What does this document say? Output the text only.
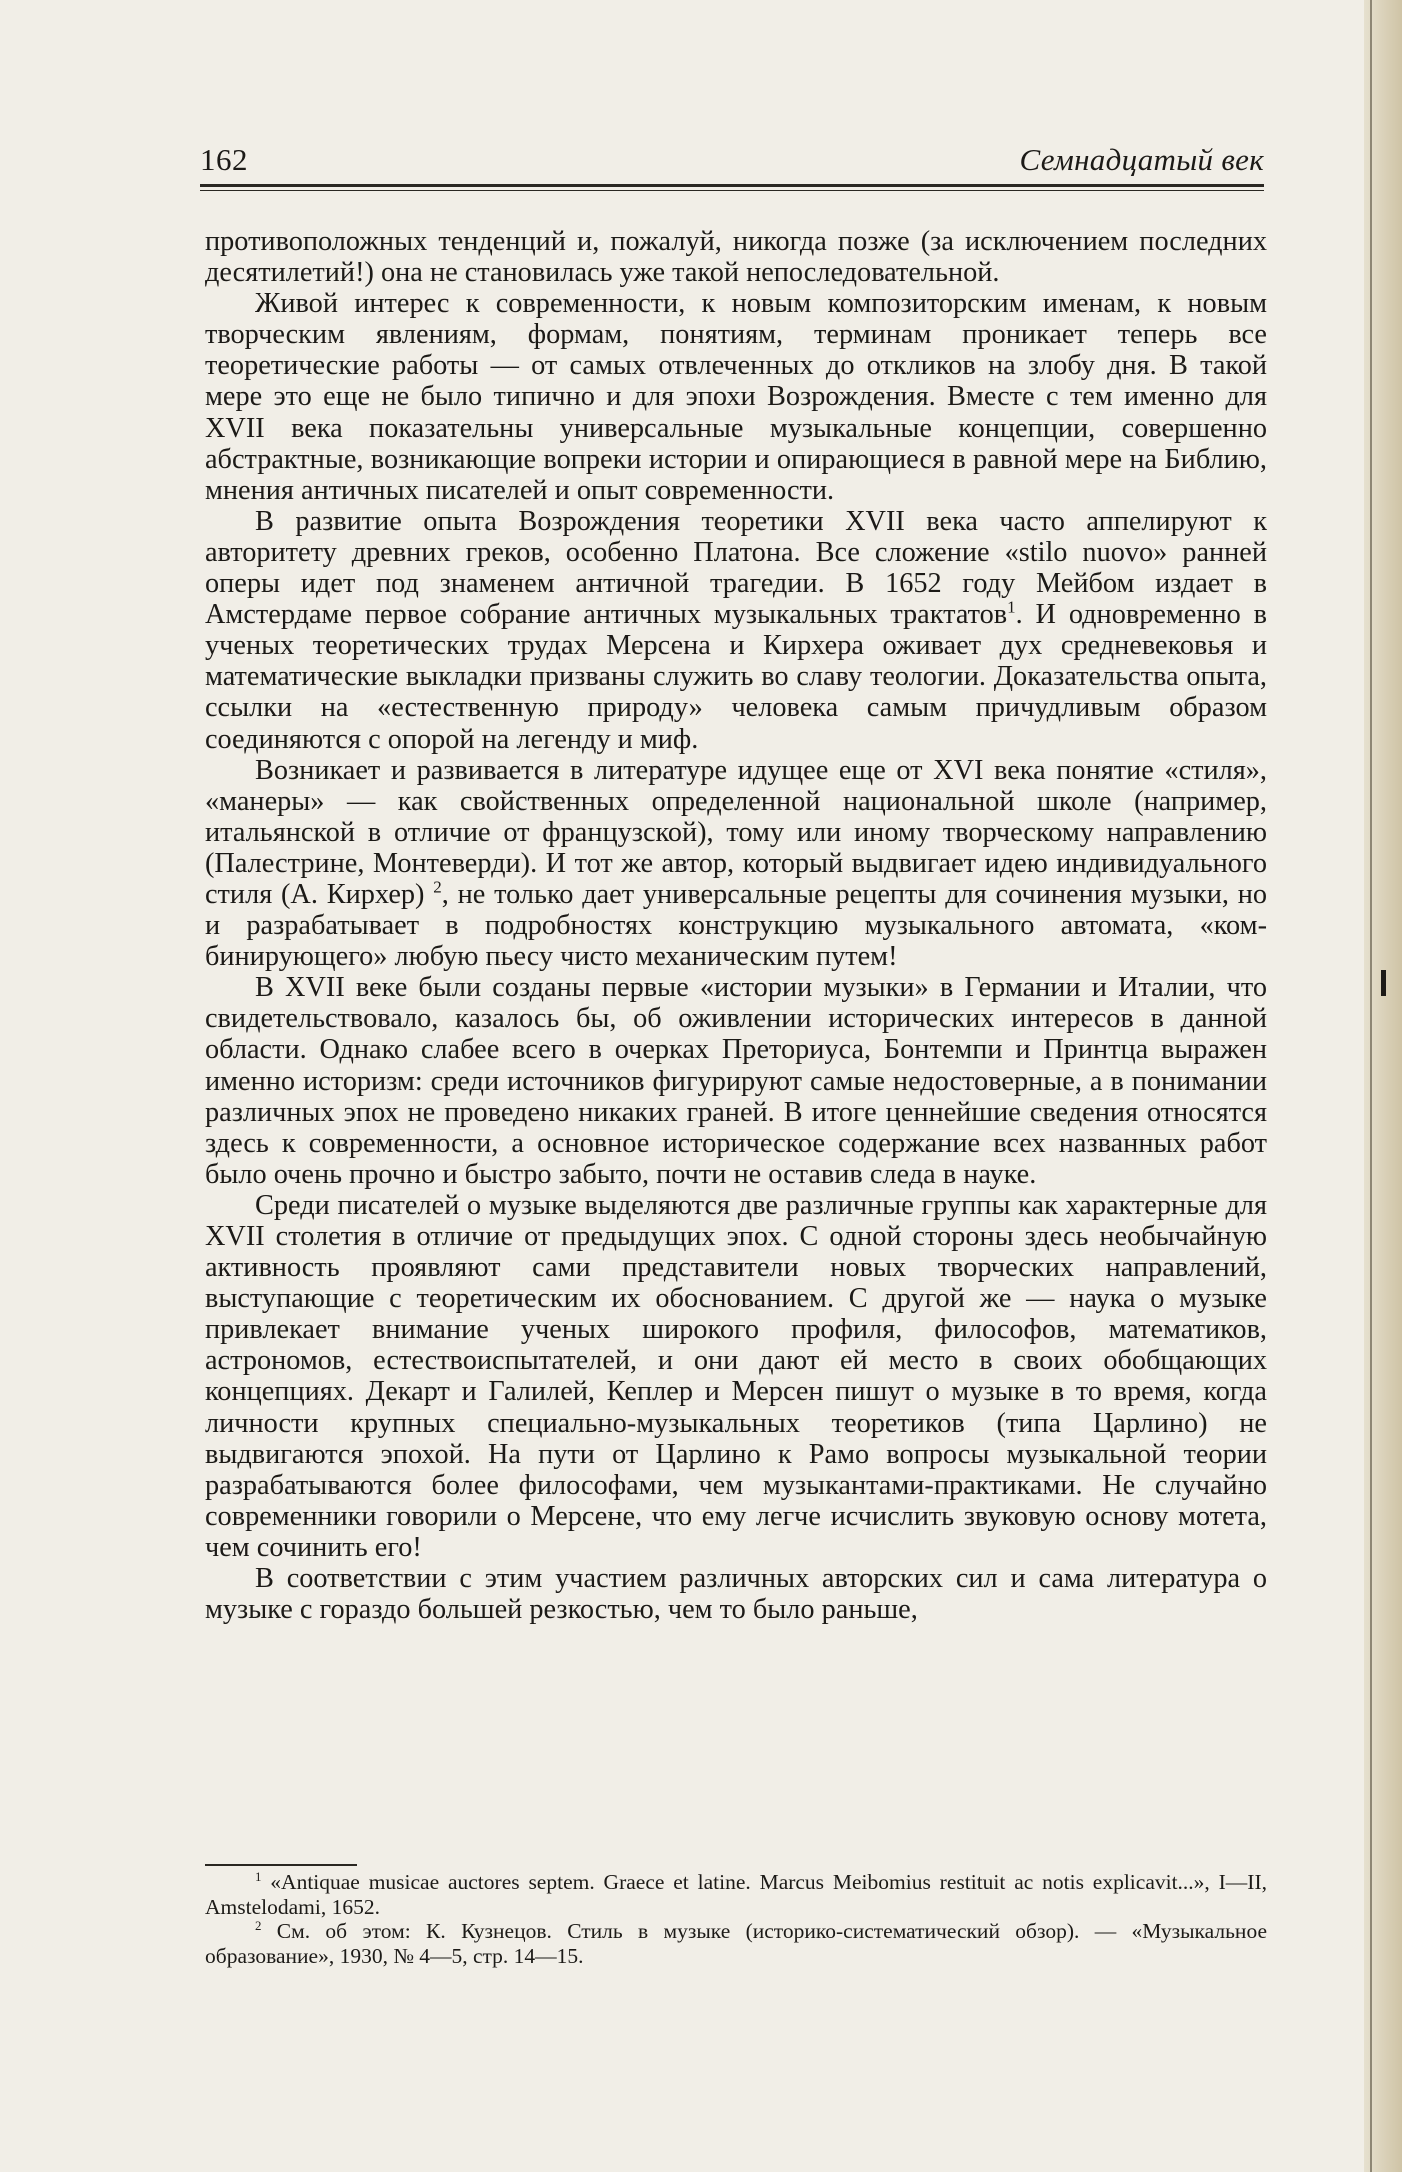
162	Семнадцатый век

противоположных тенденций и, пожалуй, никогда позже (за исключением последних десятилетий!) она не становилась уже такой непоследовательной.

Живой интерес к современности, к новым композиторским именам, к новым творческим явлениям, формам, понятиям, терминам проникает теперь все теоретические работы — от самых отвлеченных до откликов на злобу дня. В такой мере это еще не было типично и для эпохи Возрождения. Вместе с тем именно для XVII века показательны универсальные музыкальные концепции, совершенно абстрактные, возникающие вопреки истории и опирающиеся в равной мере на Библию, мнения античных писателей и опыт современности.

В развитие опыта Возрождения теоретики XVII века часто аппелируют к авторитету древних греков, особенно Платона. Все сложение «stilo nuovo» ранней оперы идет под знаменем античной трагедии. В 1652 году Мейбом издает в Амстердаме первое собрание античных музыкальных трактатов$^1$. И одновременно в ученых теоретических трудах Мерсена и Кирхера оживает дух средневековья и математические выкладки призваны служить во славу теологии. Доказательства опыта, ссылки на «естественную природу» человека самым причудливым образом соединяются с опорой на легенду и миф.

Возникает и развивается в литературе идущее еще от XVI века понятие «стиля», «манеры» — как свойственных определенной национальной школе (например, итальянской в отличие от французской), тому или иному творческому направлению (Палестрине, Монтеверди). И тот же автор, который выдвигает идею индивидуального стиля (А. Кирхер) $^2$, не только дает универсальные рецепты для сочинения музыки, но и разрабатывает в подробностях конструкцию музыкального автомата, «комбинирующего» любую пьесу чисто механическим путем!

В XVII веке были созданы первые «истории музыки» в Германии и Италии, что свидетельствовало, казалось бы, об оживлении исторических интересов в данной области. Однако слабее всего в очерках Преториуса, Бонтемпи и Принтца выражен именно историзм: среди источников фигурируют самые недостоверные, а в понимании различных эпох не проведено никаких граней. В итоге ценнейшие сведения относятся здесь к современности, а основное историческое содержание всех названных работ было очень прочно и быстро забыто, почти не оставив следа в науке.

Среди писателей о музыке выделяются две различные группы как характерные для XVII столетия в отличие от предыдущих эпох. С одной стороны здесь необычайную активность проявляют сами представители новых творческих направлений, выступающие с теоретическим их обоснованием. С другой же — наука о музыке привлекает внимание ученых широкого профиля, философов, математиков, астрономов, естествоиспытателей, и они дают ей место в своих обобщающих концепциях. Декарт и Галилей, Кеплер и Мерсен пишут о музыке в то время, когда личности крупных специально-музыкальных теоретиков (типа Царлино) не выдвигаются эпохой. На пути от Царлино к Рамо вопросы музыкальной теории разрабатываются более философами, чем музыкантами-практиками. Не случайно современники говорили о Мерсене, что ему легче исчислить звуковую основу мотета, чем сочинить его!

В соответствии с этим участием различных авторских сил и сама литература о музыке с гораздо большей резкостью, чем то было раньше,

$^1$ «Antiquae musicae auctores septem. Graece et latine. Marcus Meibomius restituit ac notis explicavit...», I—II, Amstelodami, 1652.

$^2$ См. об этом: К. Кузнецов. Стиль в музыке (историко-систематический обзор). — «Музыкальное образование», 1930, № 4—5, стр. 14—15.
